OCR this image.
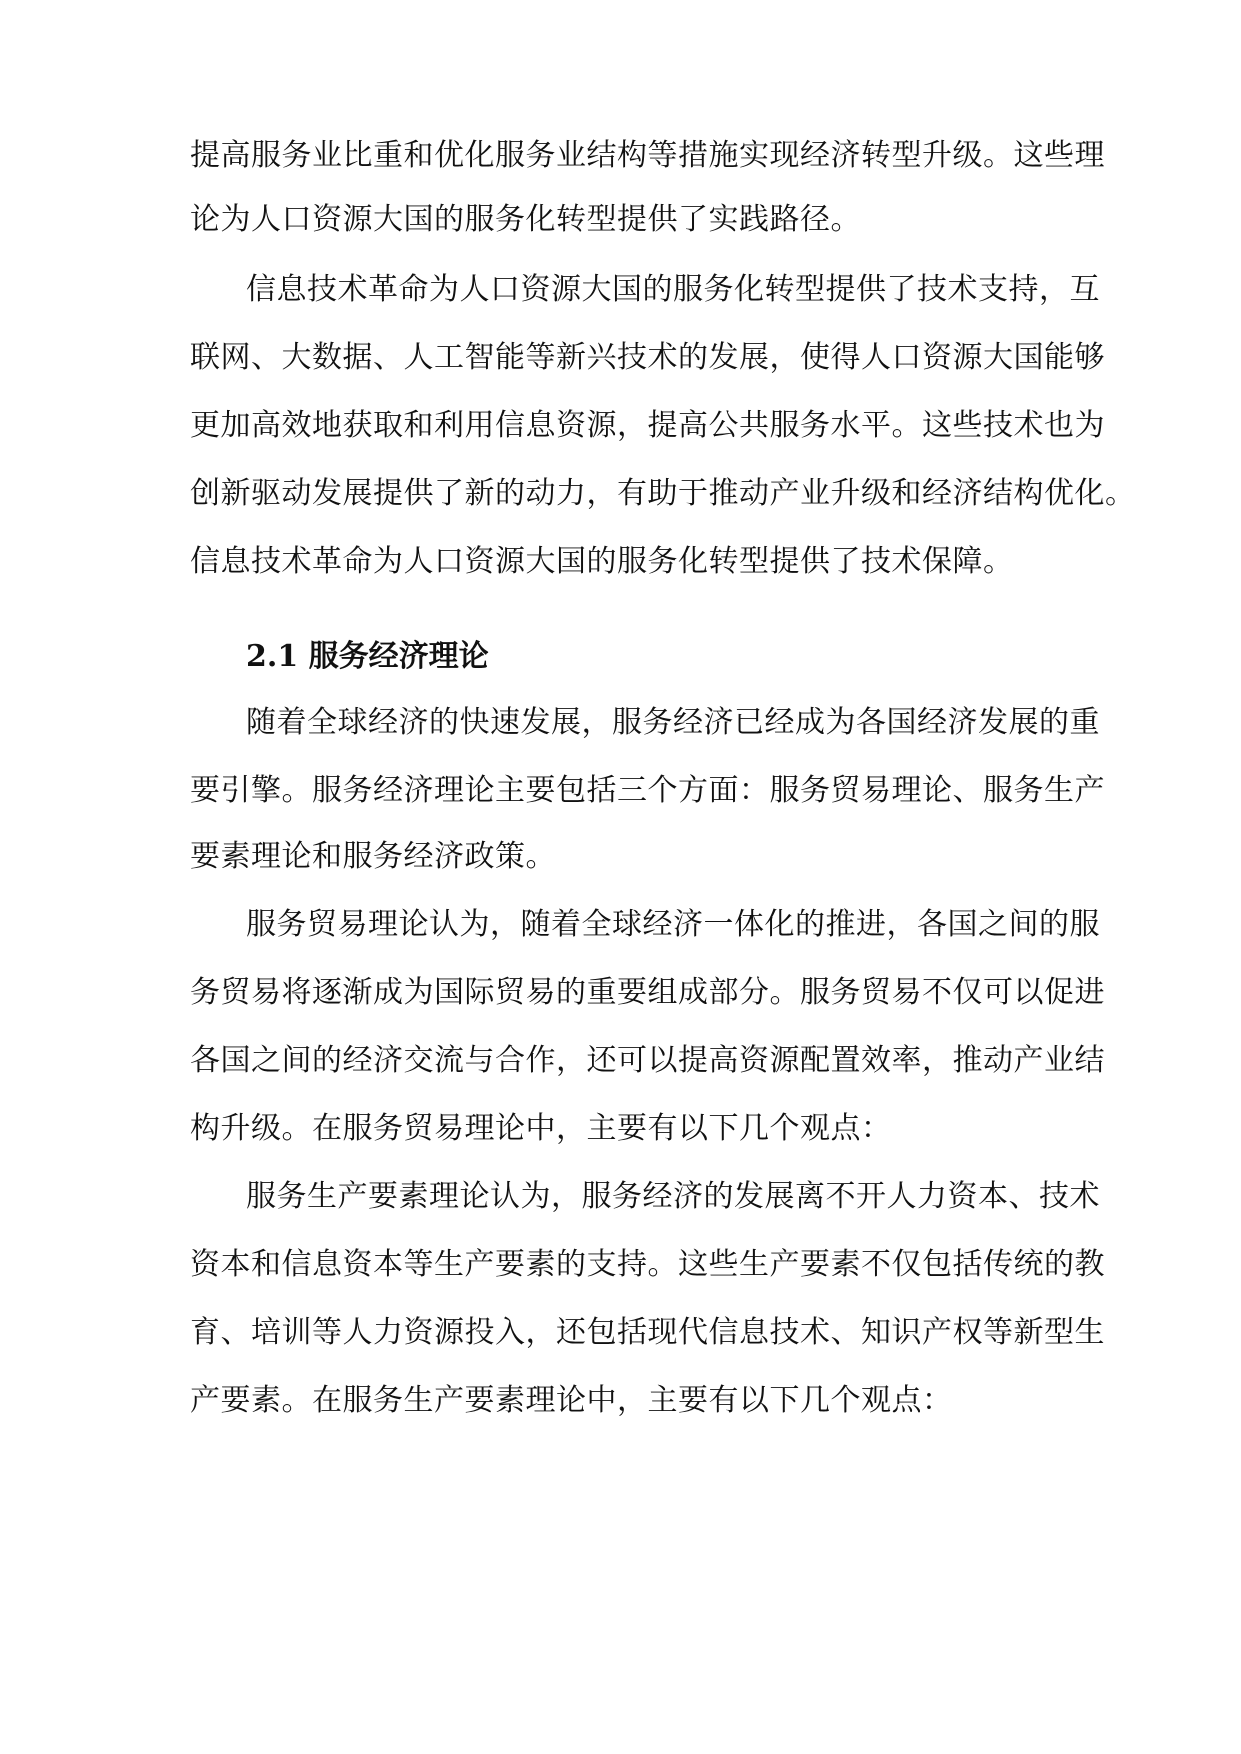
提高服务业比重和优化服务业结构等措施实现经济转型升级。这些理
论为人口资源大国的服务化转型提供了实践路径。
信息技术革命为人口资源大国的服务化转型提供了技术支持，互
联网、大数据、人工智能等新兴技术的发展，使得人口资源大国能够
更加高效地获取和利用信息资源，提高公共服务水平。这些技术也为
创新驱动发展提供了新的动力，有助于推动产业升级和经济结构优化。
信息技术革命为人口资源大国的服务化转型提供了技术保障。
2.1 服务经济理论
随着全球经济的快速发展，服务经济已经成为各国经济发展的重
要引擎。服务经济理论主要包括三个方面：服务贸易理论、服务生产
要素理论和服务经济政策。
服务贸易理论认为，随着全球经济一体化的推进，各国之间的服
务贸易将逐渐成为国际贸易的重要组成部分。服务贸易不仅可以促进
各国之间的经济交流与合作，还可以提高资源配置效率，推动产业结
构升级。在服务贸易理论中，主要有以下几个观点：
服务生产要素理论认为，服务经济的发展离不开人力资本、技术
资本和信息资本等生产要素的支持。这些生产要素不仅包括传统的教
育、培训等人力资源投入，还包括现代信息技术、知识产权等新型生
产要素。在服务生产要素理论中，主要有以下几个观点：
